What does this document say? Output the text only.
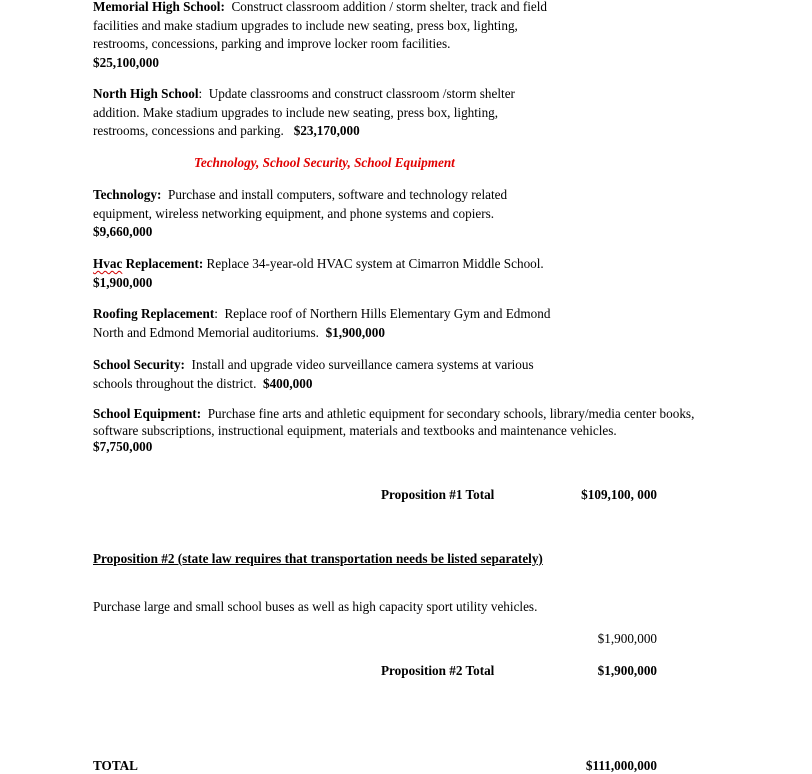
Memorial High School: Construct classroom addition / storm shelter, track and field facilities and make stadium upgrades to include new seating, press box, lighting, restrooms, concessions, parking and improve locker room facilities.
$25,100,000
North High School: Update classrooms and construct classroom /storm shelter addition. Make stadium upgrades to include new seating, press box, lighting, restrooms, concessions and parking. $23,170,000
Technology, School Security, School Equipment
Technology: Purchase and install computers, software and technology related equipment, wireless networking equipment, and phone systems and copiers.
$9,660,000
Hvac Replacement: Replace 34-year-old HVAC system at Cimarron Middle School. $1,900,000
Roofing Replacement: Replace roof of Northern Hills Elementary Gym and Edmond North and Edmond Memorial auditoriums. $1,900,000
School Security: Install and upgrade video surveillance camera systems at various schools throughout the district. $400,000
School Equipment: Purchase fine arts and athletic equipment for secondary schools, library/media center books, software subscriptions, instructional equipment, materials and textbooks and maintenance vehicles.
$7,750,000
Proposition #1 Total	$109,100, 000
Proposition #2 (state law requires that transportation needs be listed separately)
Purchase large and small school buses as well as high capacity sport utility vehicles.
$1,900,000
Proposition #2 Total	$1,900,000
TOTAL	$111,000,000
